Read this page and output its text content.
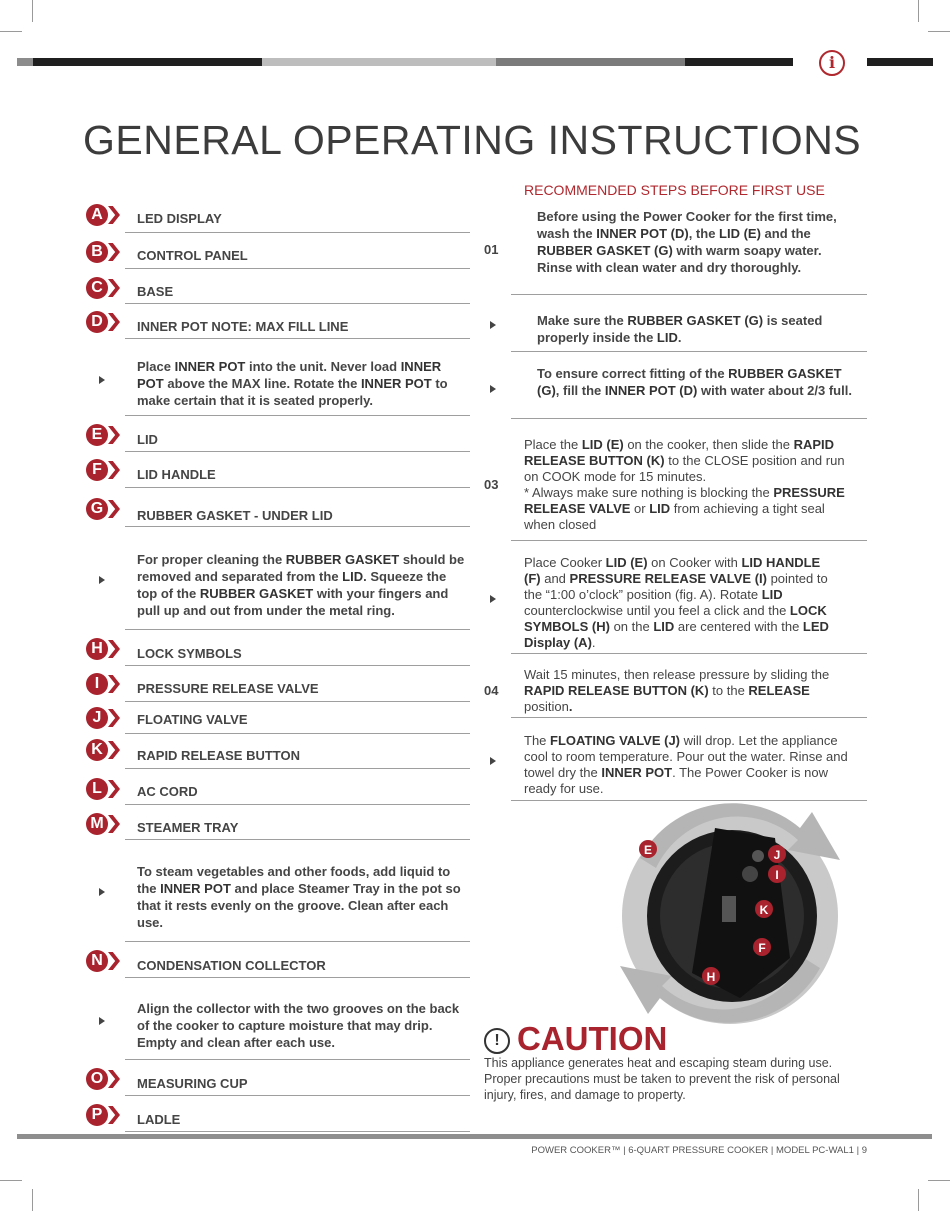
i
GENERAL OPERATING INSTRUCTIONS
A	LED DISPLAY
B	CONTROL PANEL
C	BASE
D	INNER POT NOTE: MAX FILL LINE

Place INNER POT into the unit. Never load INNER POT above the MAX line. Rotate the INNER POT to make certain that it is seated properly.

E	LID
F	LID HANDLE
G	RUBBER GASKET - UNDER LID

For proper cleaning the RUBBER GASKET should be removed and separated from the LID. Squeeze the top of the RUBBER GASKET with your fingers and pull up and out from under the metal ring.

H	LOCK SYMBOLS
I	PRESSURE RELEASE VALVE
J	FLOATING VALVE
K	RAPID RELEASE BUTTON
L	AC CORD
M	STEAMER TRAY

To steam vegetables and other foods, add liquid to the INNER POT and place Steamer Tray in the pot so that it rests evenly on the groove. Clean after each use.

N	CONDENSATION COLLECTOR

Align the collector with the two grooves on the back of the cooker to capture moisture that may drip. Empty and clean after each use.

O	MEASURING CUP
P	LADLE
RECOMMENDED STEPS BEFORE FIRST USE
01

Before using the Power Cooker for the first time, wash the INNER POT (D), the LID (E) and the RUBBER GASKET (G) with warm soapy water. Rinse with clean water and dry thoroughly.

Make sure the RUBBER GASKET (G) is seated properly inside the LID.

To ensure correct fitting of the RUBBER GASKET (G), fill the INNER POT (D) with water about 2/3 full.

03

Place the LID (E) on the cooker, then slide the RAPID RELEASE BUTTON (K) to the CLOSE position and run on COOK mode for 15 minutes.
* Always make sure nothing is blocking the PRESSURE RELEASE VALVE or LID from achieving a tight seal when closed

Place Cooker LID (E) on Cooker with LID HANDLE (F) and PRESSURE RELEASE VALVE (I) pointed to the “1:00 o’clock” position (fig. A). Rotate LID counterclockwise until you feel a click and the LOCK SYMBOLS (H) on the LID are centered with the LED Display (A).

04

Wait 15 minutes, then release pressure by sliding the RAPID RELEASE BUTTON (K) to the RELEASE position.

The FLOATING VALVE (J) will drop. Let the appliance cool to room temperature. Pour out the water. Rinse and towel dry the INNER POT. The Power Cooker is now ready for use.

E	J
I
K
F
H
! CAUTION

This appliance generates heat and escaping steam during use. Proper precautions must be taken to prevent the risk of personal injury, fires, and damage to property.

POWER COOKER™ | 6-QUART PRESSURE COOKER | MODEL PC-WAL1 | 9
